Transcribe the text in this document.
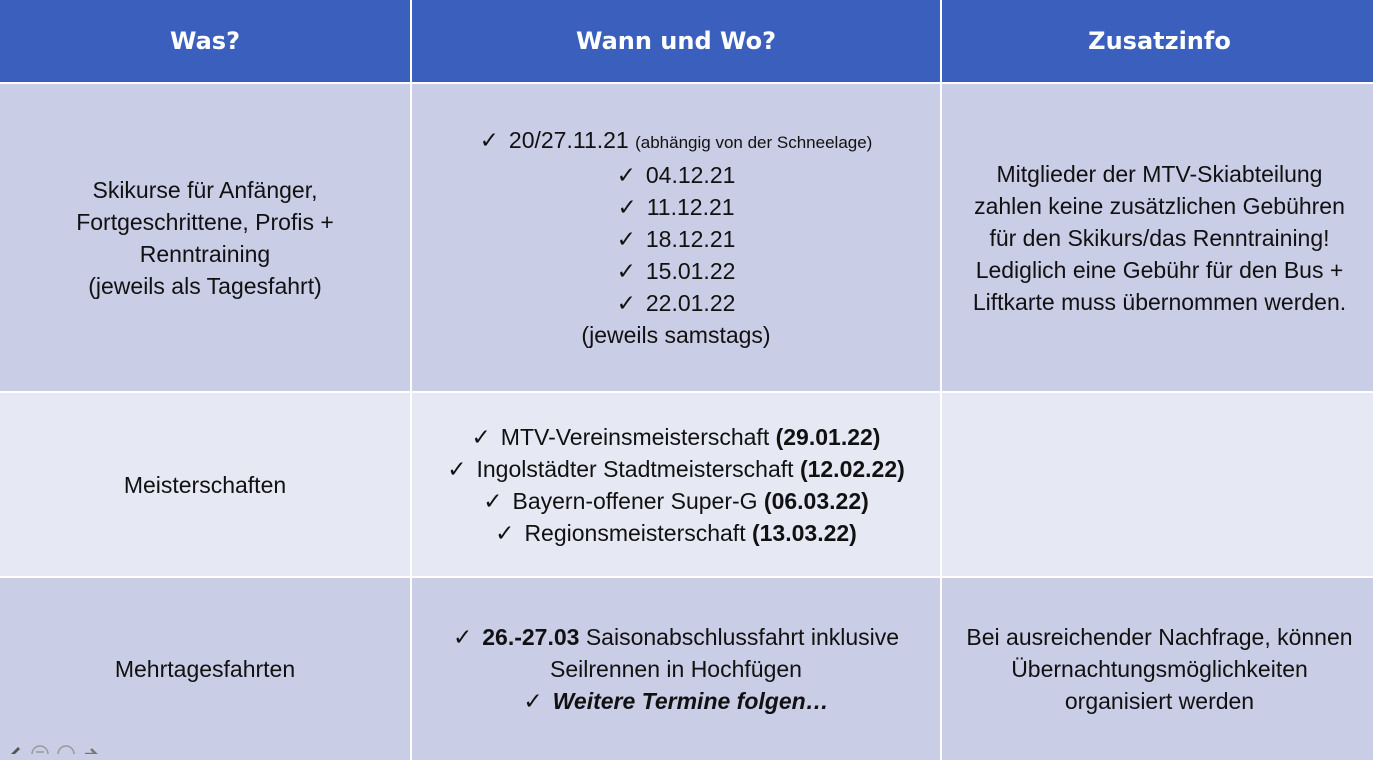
Was?	Wann und Wo?	Zusatzinfo
Skikurse für Anfänger,
Fortgeschrittene, Profis +
Renntraining
(jeweils als Tagesfahrt)
✓ 20/27.11.21 (abhängig von der Schneelage)
✓ 04.12.21
✓ 11.12.21
✓ 18.12.21
✓ 15.01.22
✓ 22.01.22
(jeweils samstags)
Mitglieder der MTV-Skiabteilung
zahlen keine zusätzlichen Gebühren
für den Skikurs/das Renntraining!
Lediglich eine Gebühr für den Bus +
Liftkarte muss übernommen werden.
Meisterschaften
✓ MTV-Vereinsmeisterschaft (29.01.22)
✓ Ingolstädter Stadtmeisterschaft (12.02.22)
✓ Bayern-offener Super-G (06.03.22)
✓ Regionsmeisterschaft (13.03.22)
Mehrtagesfahrten
✓ 26.-27.03 Saisonabschlussfahrt inklusive
Seilrennen in Hochfügen
✓ Weitere Termine folgen…
Bei ausreichender Nachfrage, können
Übernachtungsmöglichkeiten
organisiert werden
